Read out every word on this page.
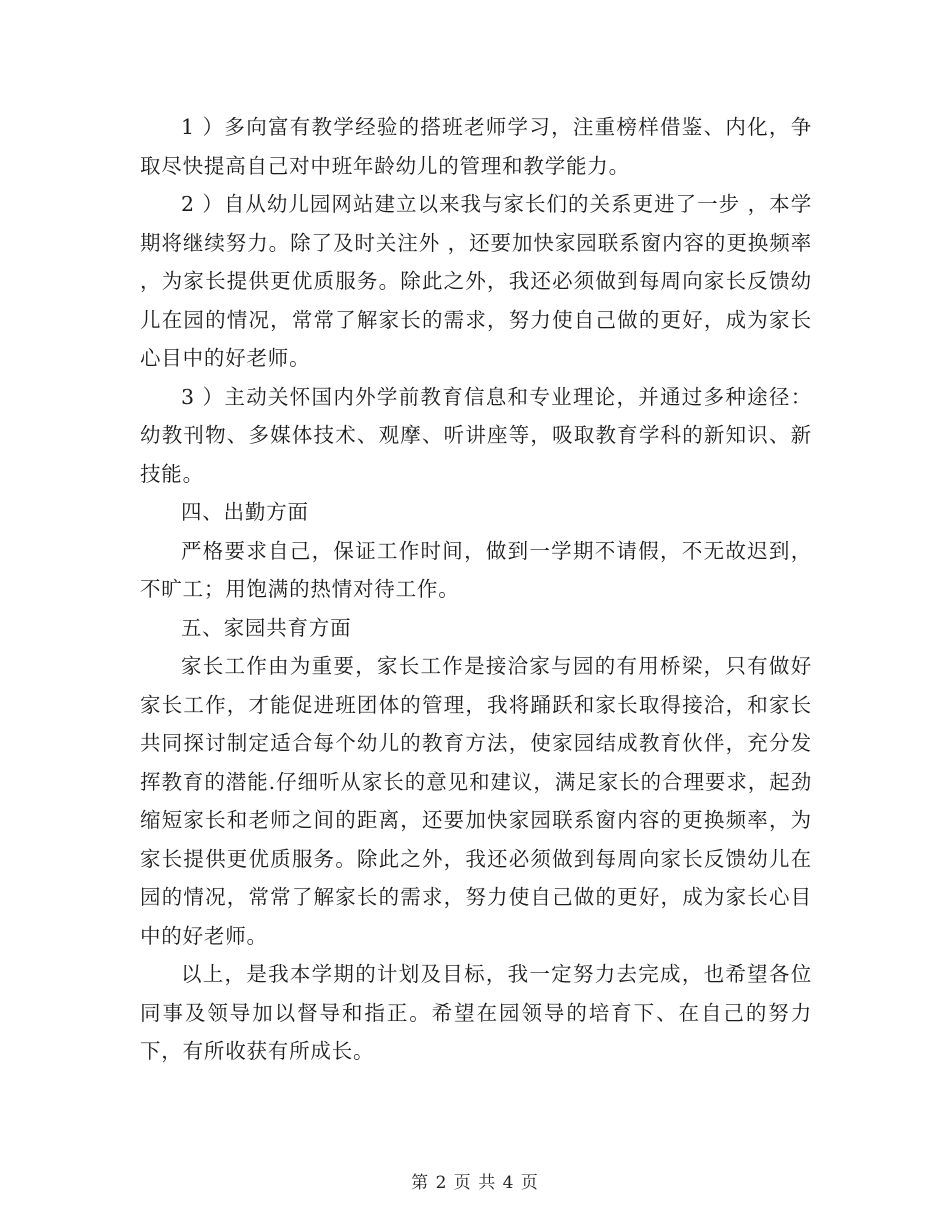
1 ）多向富有教学经验的搭班老师学习，注重榜样借鉴、内化，争取尽快提高自己对中班年龄幼儿的管理和教学能力。

2 ）自从幼儿园网站建立以来我与家长们的关系更进了一步 ，本学期将继续努力。除了及时关注外 ，还要加快家园联系窗内容的更换频率 ，为家长提供更优质服务。除此之外，我还必须做到每周向家长反馈幼儿在园的情况，常常了解家长的需求，努力使自己做的更好，成为家长心目中的好老师。

3 ）主动关怀国内外学前教育信息和专业理论，并通过多种途径：幼教刊物、多媒体技术、观摩、听讲座等，吸取教育学科的新知识、新技能。

四、出勤方面

严格要求自己，保证工作时间，做到一学期不请假，不无故迟到，不旷工；用饱满的热情对待工作。

五、家园共育方面

家长工作由为重要，家长工作是接洽家与园的有用桥梁，只有做好家长工作，才能促进班团体的管理，我将踊跃和家长取得接洽，和家长共同探讨制定适合每个幼儿的教育方法，使家园结成教育伙伴，充分发挥教育的潜能.仔细听从家长的意见和建议，满足家长的合理要求，起劲缩短家长和老师之间的距离，还要加快家园联系窗内容的更换频率，为家长提供更优质服务。除此之外，我还必须做到每周向家长反馈幼儿在园的情况，常常了解家长的需求，努力使自己做的更好，成为家长心目中的好老师。

以上，是我本学期的计划及目标，我一定努力去完成，也希望各位同事及领导加以督导和指正。希望在园领导的培育下、在自己的努力下，有所收获有所成长。

第 2 页 共 4 页
